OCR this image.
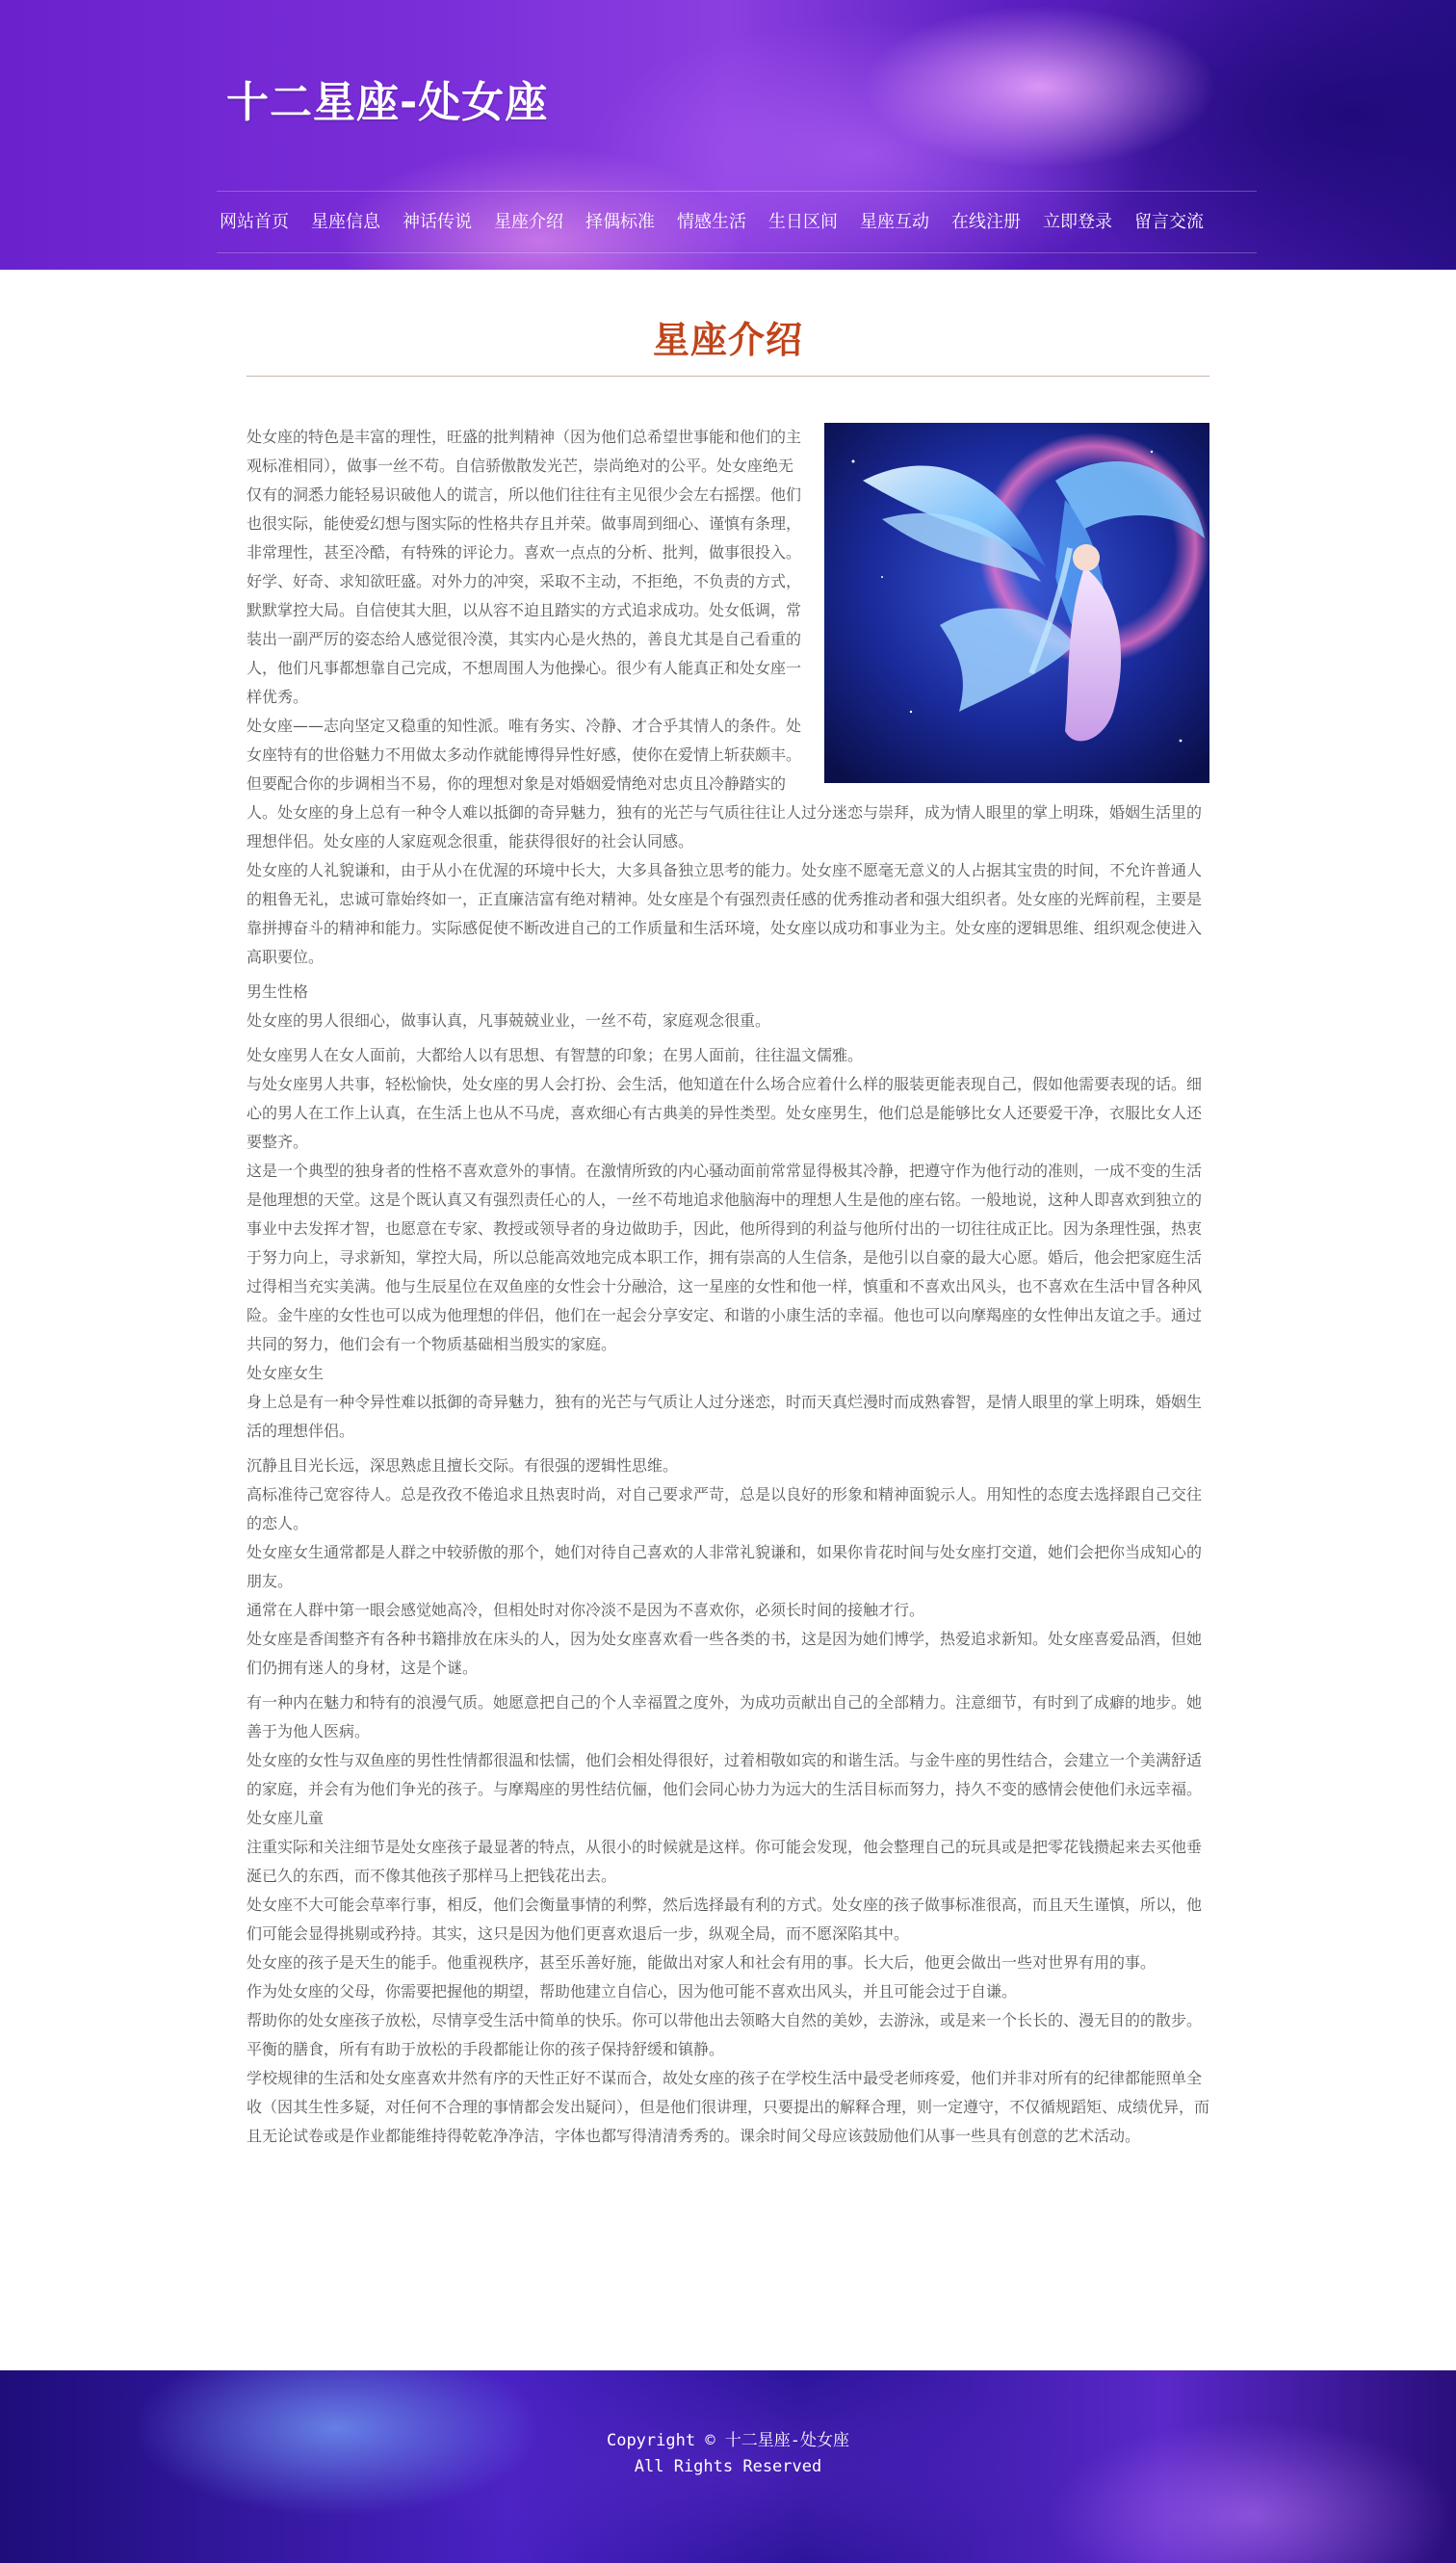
十二星座-处女座
网站首页	星座信息	神话传说	星座介绍	择偶标准	情感生活	生日区间	星座互动	在线注册	立即登录	留言交流
星座介绍

处女座的特色是丰富的理性，旺盛的批判精神（因为他们总希望世事能和他们的主观标准相同），做事一丝不苟。自信骄傲散发光芒，崇尚绝对的公平。处女座绝无仅有的洞悉力能轻易识破他人的谎言，所以他们往往有主见很少会左右摇摆。他们也很实际，能使爱幻想与图实际的性格共存且并荣。做事周到细心、谨慎有条理，非常理性，甚至冷酷，有特殊的评论力。喜欢一点点的分析、批判，做事很投入。好学、好奇、求知欲旺盛。对外力的冲突，采取不主动，不拒绝，不负责的方式，默默掌控大局。自信使其大胆，以从容不迫且踏实的方式追求成功。处女低调，常装出一副严厉的姿态给人感觉很冷漠，其实内心是火热的，善良尤其是自己看重的人，他们凡事都想靠自己完成，不想周围人为他操心。很少有人能真正和处女座一样优秀。

处女座——志向坚定又稳重的知性派。唯有务实、冷静、才合乎其情人的条件。处女座特有的世俗魅力不用做太多动作就能博得异性好感，使你在爱情上斩获颇丰。但要配合你的步调相当不易，你的理想对象是对婚姻爱情绝对忠贞且冷静踏实的人。处女座的身上总有一种令人难以抵御的奇异魅力，独有的光芒与气质往往让人过分迷恋与崇拜，成为情人眼里的掌上明珠，婚姻生活里的理想伴侣。处女座的人家庭观念很重，能获得很好的社会认同感。

处女座的人礼貌谦和，由于从小在优渥的环境中长大，大多具备独立思考的能力。处女座不愿毫无意义的人占据其宝贵的时间，不允许普通人的粗鲁无礼，忠诚可靠始终如一，正直廉洁富有绝对精神。处女座是个有强烈责任感的优秀推动者和强大组织者。处女座的光辉前程，主要是靠拼搏奋斗的精神和能力。实际感促使不断改进自己的工作质量和生活环境，处女座以成功和事业为主。处女座的逻辑思维、组织观念使进入高职要位。

男生性格

处女座的男人很细心，做事认真，凡事兢兢业业，一丝不苟，家庭观念很重。

处女座男人在女人面前，大都给人以有思想、有智慧的印象；在男人面前，往往温文儒雅。

与处女座男人共事，轻松愉快，处女座的男人会打扮、会生活，他知道在什么场合应着什么样的服装更能表现自己，假如他需要表现的话。细心的男人在工作上认真，在生活上也从不马虎，喜欢细心有古典美的异性类型。处女座男生，他们总是能够比女人还要爱干净，衣服比女人还要整齐。

这是一个典型的独身者的性格不喜欢意外的事情。在激情所致的内心骚动面前常常显得极其冷静，把遵守作为他行动的准则，一成不变的生活是他理想的天堂。这是个既认真又有强烈责任心的人，一丝不苟地追求他脑海中的理想人生是他的座右铭。一般地说，这种人即喜欢到独立的事业中去发挥才智，也愿意在专家、教授或领导者的身边做助手，因此，他所得到的利益与他所付出的一切往往成正比。因为条理性强，热衷于努力向上，寻求新知，掌控大局，所以总能高效地完成本职工作，拥有崇高的人生信条，是他引以自豪的最大心愿。婚后，他会把家庭生活过得相当充实美满。他与生辰星位在双鱼座的女性会十分融洽，这一星座的女性和他一样，慎重和不喜欢出风头，也不喜欢在生活中冒各种风险。金牛座的女性也可以成为他理想的伴侣，他们在一起会分享安定、和谐的小康生活的幸福。他也可以向摩羯座的女性伸出友谊之手。通过共同的努力，他们会有一个物质基础相当殷实的家庭。

处女座女生

身上总是有一种令异性难以抵御的奇异魅力，独有的光芒与气质让人过分迷恋，时而天真烂漫时而成熟睿智，是情人眼里的掌上明珠，婚姻生活的理想伴侣。

沉静且目光长远，深思熟虑且擅长交际。有很强的逻辑性思维。

高标准待己宽容待人。总是孜孜不倦追求且热衷时尚，对自己要求严苛，总是以良好的形象和精神面貌示人。用知性的态度去选择跟自己交往的恋人。

处女座女生通常都是人群之中较骄傲的那个，她们对待自己喜欢的人非常礼貌谦和，如果你肯花时间与处女座打交道，她们会把你当成知心的朋友。

通常在人群中第一眼会感觉她高冷，但相处时对你冷淡不是因为不喜欢你，必须长时间的接触才行。

处女座是香闺整齐有各种书籍排放在床头的人，因为处女座喜欢看一些各类的书，这是因为她们博学，热爱追求新知。处女座喜爱品酒，但她们仍拥有迷人的身材，这是个谜。

有一种内在魅力和特有的浪漫气质。她愿意把自己的个人幸福置之度外，为成功贡献出自己的全部精力。注意细节，有时到了成癖的地步。她善于为他人医病。

处女座的女性与双鱼座的男性性情都很温和怯懦，他们会相处得很好，过着相敬如宾的和谐生活。与金牛座的男性结合，会建立一个美满舒适的家庭，并会有为他们争光的孩子。与摩羯座的男性结伉俪，他们会同心协力为远大的生活目标而努力，持久不变的感情会使他们永远幸福。

处女座儿童

注重实际和关注细节是处女座孩子最显著的特点，从很小的时候就是这样。你可能会发现，他会整理自己的玩具或是把零花钱攒起来去买他垂涎已久的东西，而不像其他孩子那样马上把钱花出去。

处女座不大可能会草率行事，相反，他们会衡量事情的利弊，然后选择最有利的方式。处女座的孩子做事标准很高，而且天生谨慎，所以，他们可能会显得挑剔或矜持。其实，这只是因为他们更喜欢退后一步，纵观全局，而不愿深陷其中。

处女座的孩子是天生的能手。他重视秩序，甚至乐善好施，能做出对家人和社会有用的事。长大后，他更会做出一些对世界有用的事。

作为处女座的父母，你需要把握他的期望，帮助他建立自信心，因为他可能不喜欢出风头，并且可能会过于自谦。

帮助你的处女座孩子放松，尽情享受生活中简单的快乐。你可以带他出去领略大自然的美妙，去游泳，或是来一个长长的、漫无目的的散步。平衡的膳食，所有有助于放松的手段都能让你的孩子保持舒缓和镇静。

学校规律的生活和处女座喜欢井然有序的天性正好不谋而合，故处女座的孩子在学校生活中最受老师疼爱，他们并非对所有的纪律都能照单全收（因其生性多疑，对任何不合理的事情都会发出疑问），但是他们很讲理，只要提出的解释合理，则一定遵守，不仅循规蹈矩、成绩优异，而且无论试卷或是作业都能维持得乾乾净净洁，字体也都写得清清秀秀的。课余时间父母应该鼓励他们从事一些具有创意的艺术活动。

Copyright © 十二星座-处女座
All Rights Reserved
